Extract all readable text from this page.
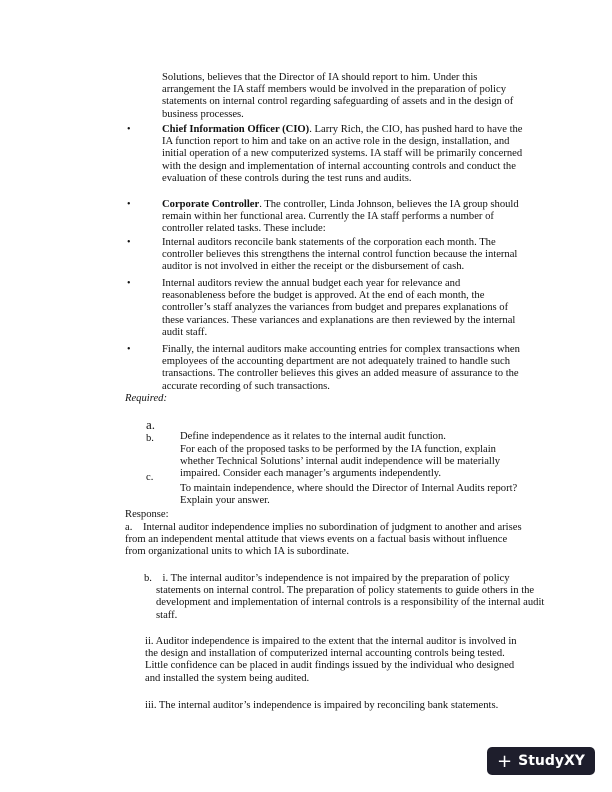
Solutions, believes that the Director of IA should report to him. Under this arrangement the IA staff members would be involved in the preparation of policy statements on internal control regarding safeguarding of assets and in the design of business processes.

•	Chief Information Officer (CIO). Larry Rich, the CIO, has pushed hard to have the IA function report to him and take on an active role in the design, installation, and initial operation of a new computerized systems. IA staff will be primarily concerned with the design and implementation of internal accounting controls and conduct the evaluation of these controls during the test runs and audits.

•	Corporate Controller. The controller, Linda Johnson, believes the IA group should remain within her functional area. Currently the IA staff performs a number of controller related tasks. These include:

•	Internal auditors reconcile bank statements of the corporation each month. The controller believes this strengthens the internal control function because the internal auditor is not involved in either the receipt or the disbursement of cash.

•	Internal auditors review the annual budget each year for relevance and reasonableness before the budget is approved. At the end of each month, the controller’s staff analyzes the variances from budget and prepares explanations of these variances. These variances and explanations are then reviewed by the internal audit staff.

•	Finally, the internal auditors make accounting entries for complex transactions when employees of the accounting department are not adequately trained to handle such transactions. The controller believes this gives an added measure of assurance to the accurate recording of such transactions.

Required:
a.

Define independence as it relates to the internal audit function.

b.

For each of the proposed tasks to be performed by the IA function, explain whether Technical Solutions’ internal audit independence will be materially impaired. Consider each manager’s arguments independently.

c.

To maintain independence, where should the Director of Internal Audits report? Explain your answer.

Response:

a.    Internal auditor independence implies no subordination of judgment to another and arises from an independent mental attitude that views events on a factual basis without influence from organizational units to which IA is subordinate.

b.    i. The internal auditor’s independence is not impaired by the preparation of policy statements on internal control. The preparation of policy statements to guide others in the development and implementation of internal controls is a responsibility of the internal audit staff.

ii. Auditor independence is impaired to the extent that the internal auditor is involved in the design and installation of computerized internal accounting controls being tested. Little confidence can be placed in audit findings issued by the individual who designed and installed the system being audited.

iii. The internal auditor’s independence is impaired by reconciling bank statements.

+ StudyXY
